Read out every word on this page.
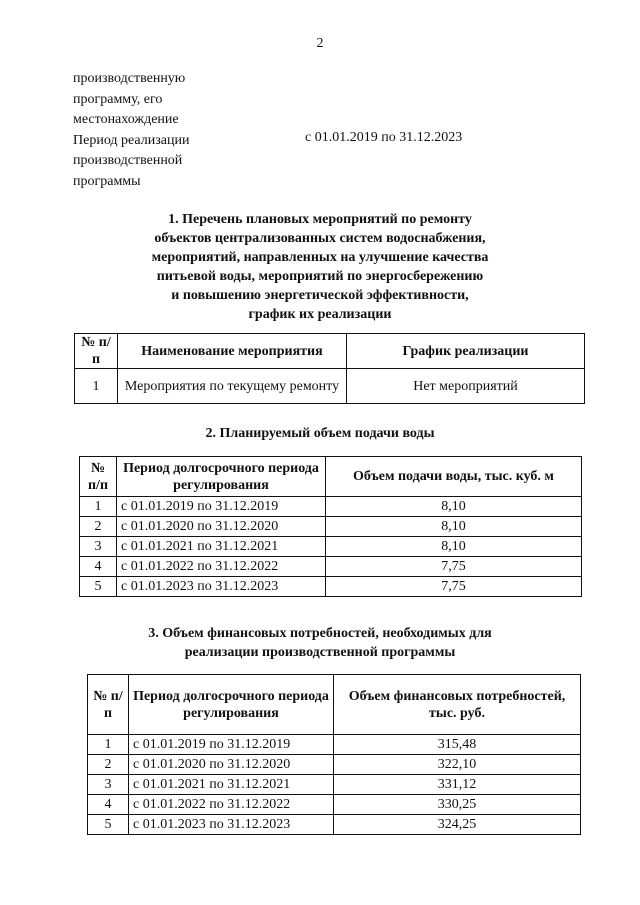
2
производственную
программу, его
местонахождение
Период реализации
производственной
программы
с 01.01.2019 по 31.12.2023
1. Перечень плановых мероприятий по ремонту
объектов централизованных систем водоснабжения,
мероприятий, направленных на улучшение качества
питьевой воды, мероприятий по энергосбережению
и повышению энергетической эффективности,
график их реализации
№ п/п	Наименование мероприятия	График реализации
1	Мероприятия по текущему ремонту	Нет мероприятий
2. Планируемый объем подачи воды
№ п/п	Период долгосрочного периода регулирования	Объем подачи воды, тыс. куб. м
1	с 01.01.2019 по 31.12.2019	8,10
2	с 01.01.2020 по 31.12.2020	8,10
3	с 01.01.2021 по 31.12.2021	8,10
4	с 01.01.2022 по 31.12.2022	7,75
5	с 01.01.2023 по 31.12.2023	7,75
3. Объем финансовых потребностей, необходимых для
реализации производственной программы
№ п/п	Период долгосрочного периода регулирования	Объем финансовых потребностей, тыс. руб.
1	с 01.01.2019 по 31.12.2019	315,48
2	с 01.01.2020 по 31.12.2020	322,10
3	с 01.01.2021 по 31.12.2021	331,12
4	с 01.01.2022 по 31.12.2022	330,25
5	с 01.01.2023 по 31.12.2023	324,25
